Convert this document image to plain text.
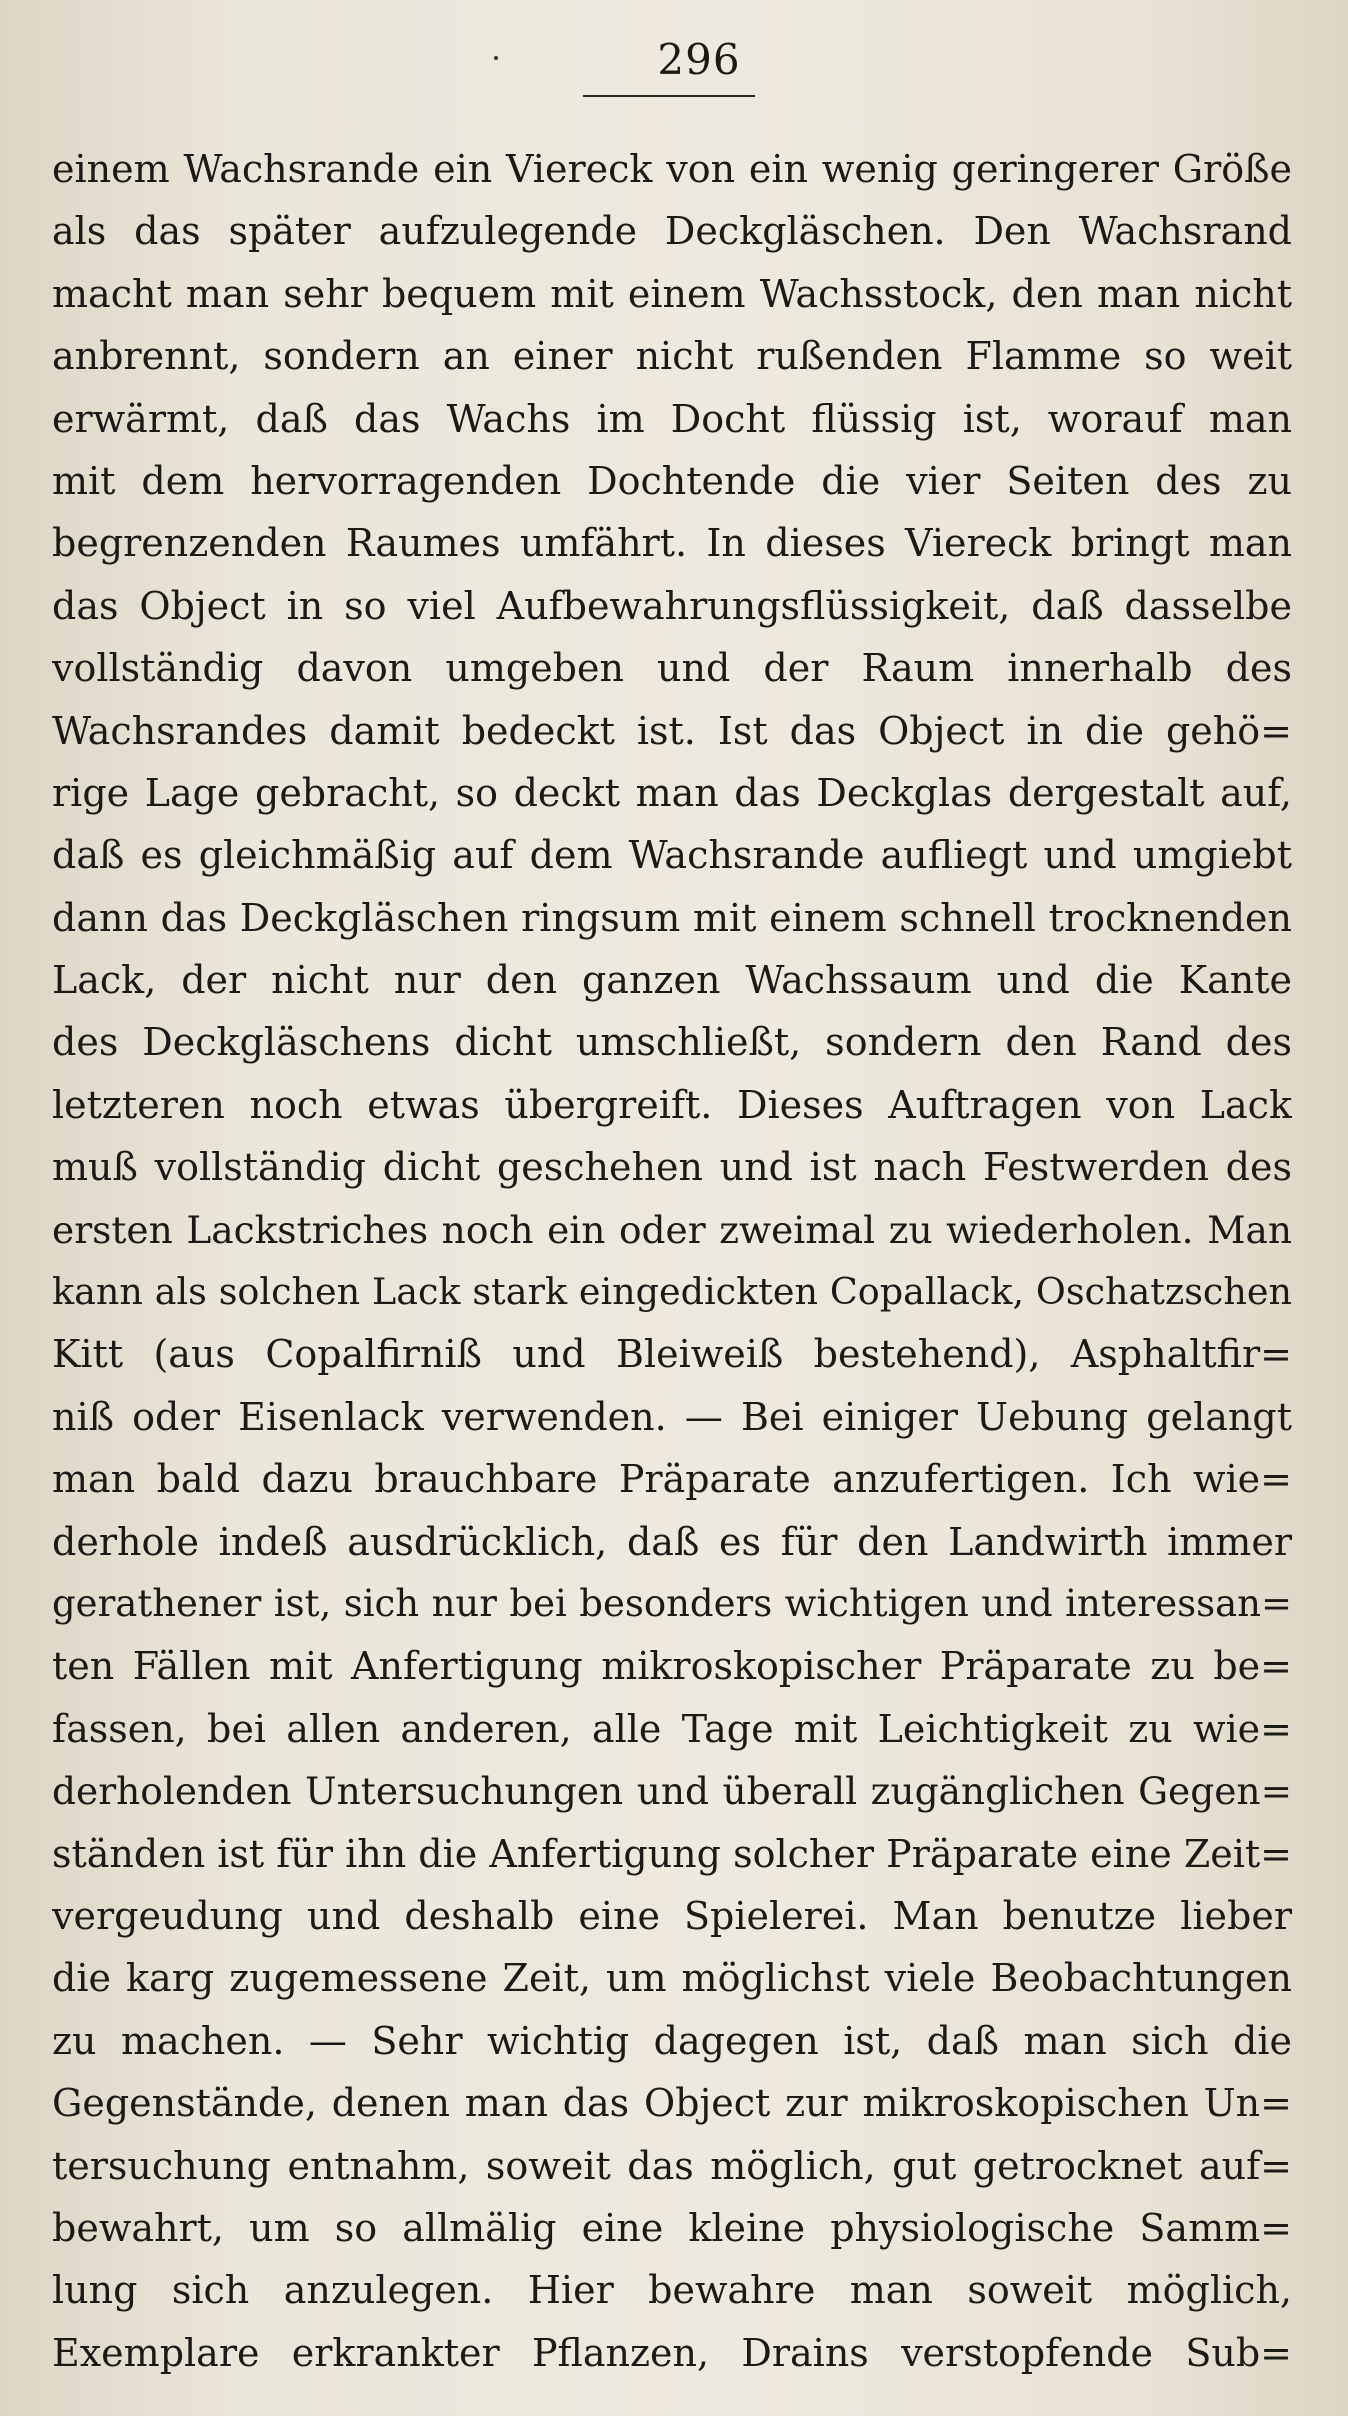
296
einem Wachsrande ein Viereck von ein wenig geringerer Größe
als das später aufzulegende Deckgläschen. Den Wachsrand
macht man sehr bequem mit einem Wachsstock, den man nicht
anbrennt, sondern an einer nicht rußenden Flamme so weit
erwärmt, daß das Wachs im Docht flüssig ist, worauf man
mit dem hervorragenden Dochtende die vier Seiten des zu
begrenzenden Raumes umfährt. In dieses Viereck bringt man
das Object in so viel Aufbewahrungsflüssigkeit, daß dasselbe
vollständig davon umgeben und der Raum innerhalb des
Wachsrandes damit bedeckt ist. Ist das Object in die gehö=
rige Lage gebracht, so deckt man das Deckglas dergestalt auf,
daß es gleichmäßig auf dem Wachsrande aufliegt und umgiebt
dann das Deckgläschen ringsum mit einem schnell trocknenden
Lack, der nicht nur den ganzen Wachssaum und die Kante
des Deckgläschens dicht umschließt, sondern den Rand des
letzteren noch etwas übergreift. Dieses Auftragen von Lack
muß vollständig dicht geschehen und ist nach Festwerden des
ersten Lackstriches noch ein oder zweimal zu wiederholen. Man
kann als solchen Lack stark eingedickten Copallack, Oschatzschen
Kitt (aus Copalfirniß und Bleiweiß bestehend), Asphaltfir=
niß oder Eisenlack verwenden. — Bei einiger Uebung gelangt
man bald dazu brauchbare Präparate anzufertigen. Ich wie=
derhole indeß ausdrücklich, daß es für den Landwirth immer
gerathener ist, sich nur bei besonders wichtigen und interessan=
ten Fällen mit Anfertigung mikroskopischer Präparate zu be=
fassen, bei allen anderen, alle Tage mit Leichtigkeit zu wie=
derholenden Untersuchungen und überall zugänglichen Gegen=
ständen ist für ihn die Anfertigung solcher Präparate eine Zeit=
vergeudung und deshalb eine Spielerei. Man benutze lieber
die karg zugemessene Zeit, um möglichst viele Beobachtungen
zu machen. — Sehr wichtig dagegen ist, daß man sich die
Gegenstände, denen man das Object zur mikroskopischen Un=
tersuchung entnahm, soweit das möglich, gut getrocknet auf=
bewahrt, um so allmälig eine kleine physiologische Samm=
lung sich anzulegen. Hier bewahre man soweit möglich,
Exemplare erkrankter Pflanzen, Drains verstopfende Sub=
